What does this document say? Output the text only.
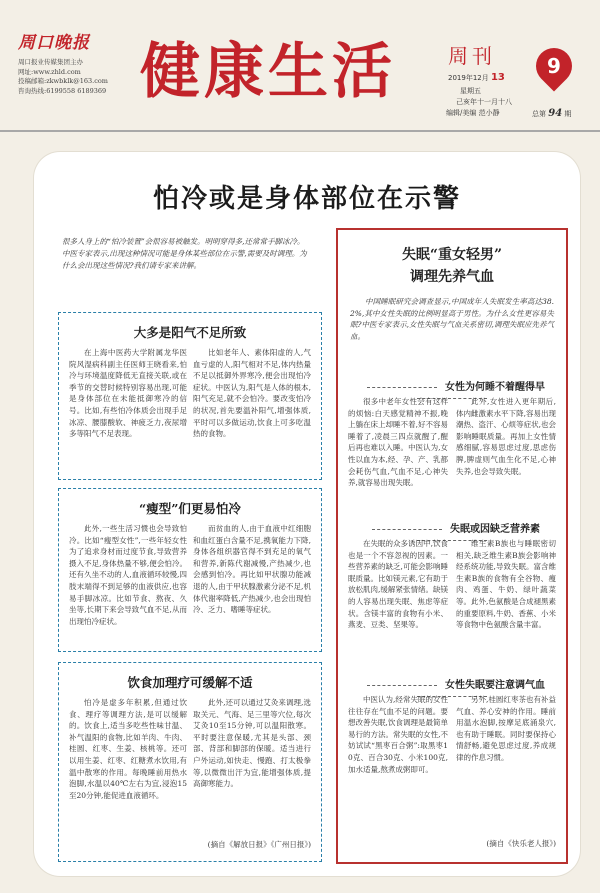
周口晚报
周口报业传媒集团主办
网址:www.zhld.com
投稿邮箱:zkwbklk@163.com
咨询热线:6199558 6189369 健康生活	周刊	9
2019年12月 13
星期五
己亥年十一月十八
编辑/美编 范小静	总第 94 期
怕冷或是身体部位在示警
很多人身上的“怕冷装置”会很容易被触发。明明穿得多,还常常手脚冰冷。中医专家表示,出现这种情况可能是身体某些部位在示警,需要及时调理。为什么会出现这些情况?我们请专家来讲解。
大多是阳气不足所致
在上海中医药大学附属龙华医院风湿病科副主任医师王晓看来,怕冷与环境温度降低无直接关联,或在季节的交替时候特别容易出现,可能是身体部位在未能抵御寒冷的信号。比如,有些怕冷体质会出现手足冰凉、腰膝酸软、神疲乏力,夜尿增多等阳气不足表现。
比如老年人、素体阳虚的人,气血亏虚的人,阳气相对不足,体内热量不足以抵御外界寒冷,便会出现怕冷症状。中医认为,阳气是人体的根本,阳气充足,就不会怕冷。要改变怕冷的状况,首先要温补阳气,增强体质,平时可以多做运动,饮食上可多吃温热的食物。
“瘦型”们更易怕冷
此外,一些生活习惯也会导致怕冷。比如“瘦型女性”,一些年轻女性为了追求身材而过度节食,导致营养摄入不足,身体热量不够,便会怕冷。还有久坐不动的人,血液循环较慢,四肢末端得不到足够的血液供应,也容易手脚冰凉。比如节食、熬夜、久坐等,长期下来会导致气血不足,从而出现怕冷症状。
而贫血的人,由于血液中红细胞和血红蛋白含量不足,携氧能力下降,身体各组织器官得不到充足的氧气和营养,新陈代谢减慢,产热减少,也会感到怕冷。再比如甲状腺功能减退的人,由于甲状腺激素分泌不足,机体代谢率降低,产热减少,也会出现怕冷、乏力、嗜睡等症状。
饮食加理疗可缓解不适
怕冷是虚多年积累,但通过饮食、理疗等调理方法,是可以缓解的。饮食上,适当多吃些性味甘温、补气温阳的食物,比如羊肉、牛肉、桂圆、红枣、生姜、核桃等。还可以用生姜、红枣、红糖煮水饮用,有温中散寒的作用。每晚睡前用热水泡脚,水温以40℃左右为宜,浸泡15至20分钟,能促进血液循环。
此外,还可以通过艾灸来调理,选取关元、气海、足三里等穴位,每次艾灸10至15分钟,可以温阳散寒。平时要注意保暖,尤其是头部、颈部、背部和脚部的保暖。适当进行户外运动,如快走、慢跑、打太极拳等,以微微出汗为宜,能增强体质,提高御寒能力。
(摘自《解放日报》《广州日报》)
失眠“重女轻男”
调理先养气血
中国睡眠研究会调查显示,中国成年人失眠发生率高达38.2%,其中女性失眠的比例明显高于男性。为什么女性更容易失眠?中医专家表示,女性失眠与气血关系密切,调理失眠应先养气血。
女性为何睡不着醒得早
很多中老年女性会有这样的烦恼:白天感觉精神不振,晚上躺在床上却睡不着,好不容易睡着了,凌晨三四点就醒了,醒后再也难以入睡。中医认为,女性以血为本,经、孕、产、乳都会耗伤气血,气血不足,心神失养,就容易出现失眠。
此外,女性进入更年期后,体内雌激素水平下降,容易出现潮热、盗汗、心烦等症状,也会影响睡眠质量。再加上女性情感细腻,容易思虑过度,思虑伤脾,脾虚则气血生化不足,心神失养,也会导致失眠。
失眠或因缺乏营养素
在失眠的众多诱因中,饮食也是一个不容忽视的因素。一些营养素的缺乏,可能会影响睡眠质量。比如镁元素,它有助于放松肌肉,缓解紧张情绪。缺镁的人容易出现失眠、焦虑等症状。含镁丰富的食物有小米、燕麦、豆类、坚果等。
维生素B族也与睡眠密切相关,缺乏维生素B族会影响神经系统功能,导致失眠。富含维生素B族的食物有全谷物、瘦肉、鸡蛋、牛奶、绿叶蔬菜等。此外,色氨酸是合成褪黑素的重要原料,牛奶、香蕉、小米等食物中色氨酸含量丰富。
女性失眠要注意调气血
中医认为,经常失眠的女性往往存在气血不足的问题。要想改善失眠,饮食调理是最简单易行的方法。常失眠的女性,不妨试试“黑枣百合粥”:取黑枣10克、百合30克、小米100克,加水适量,熬煮成粥即可。
另外,桂圆红枣茶也有补益气血、养心安神的作用。睡前用温水泡脚,按摩足底涌泉穴,也有助于睡眠。同时要保持心情舒畅,避免思虑过度,养成规律的作息习惯。
(摘自《快乐老人报》)
